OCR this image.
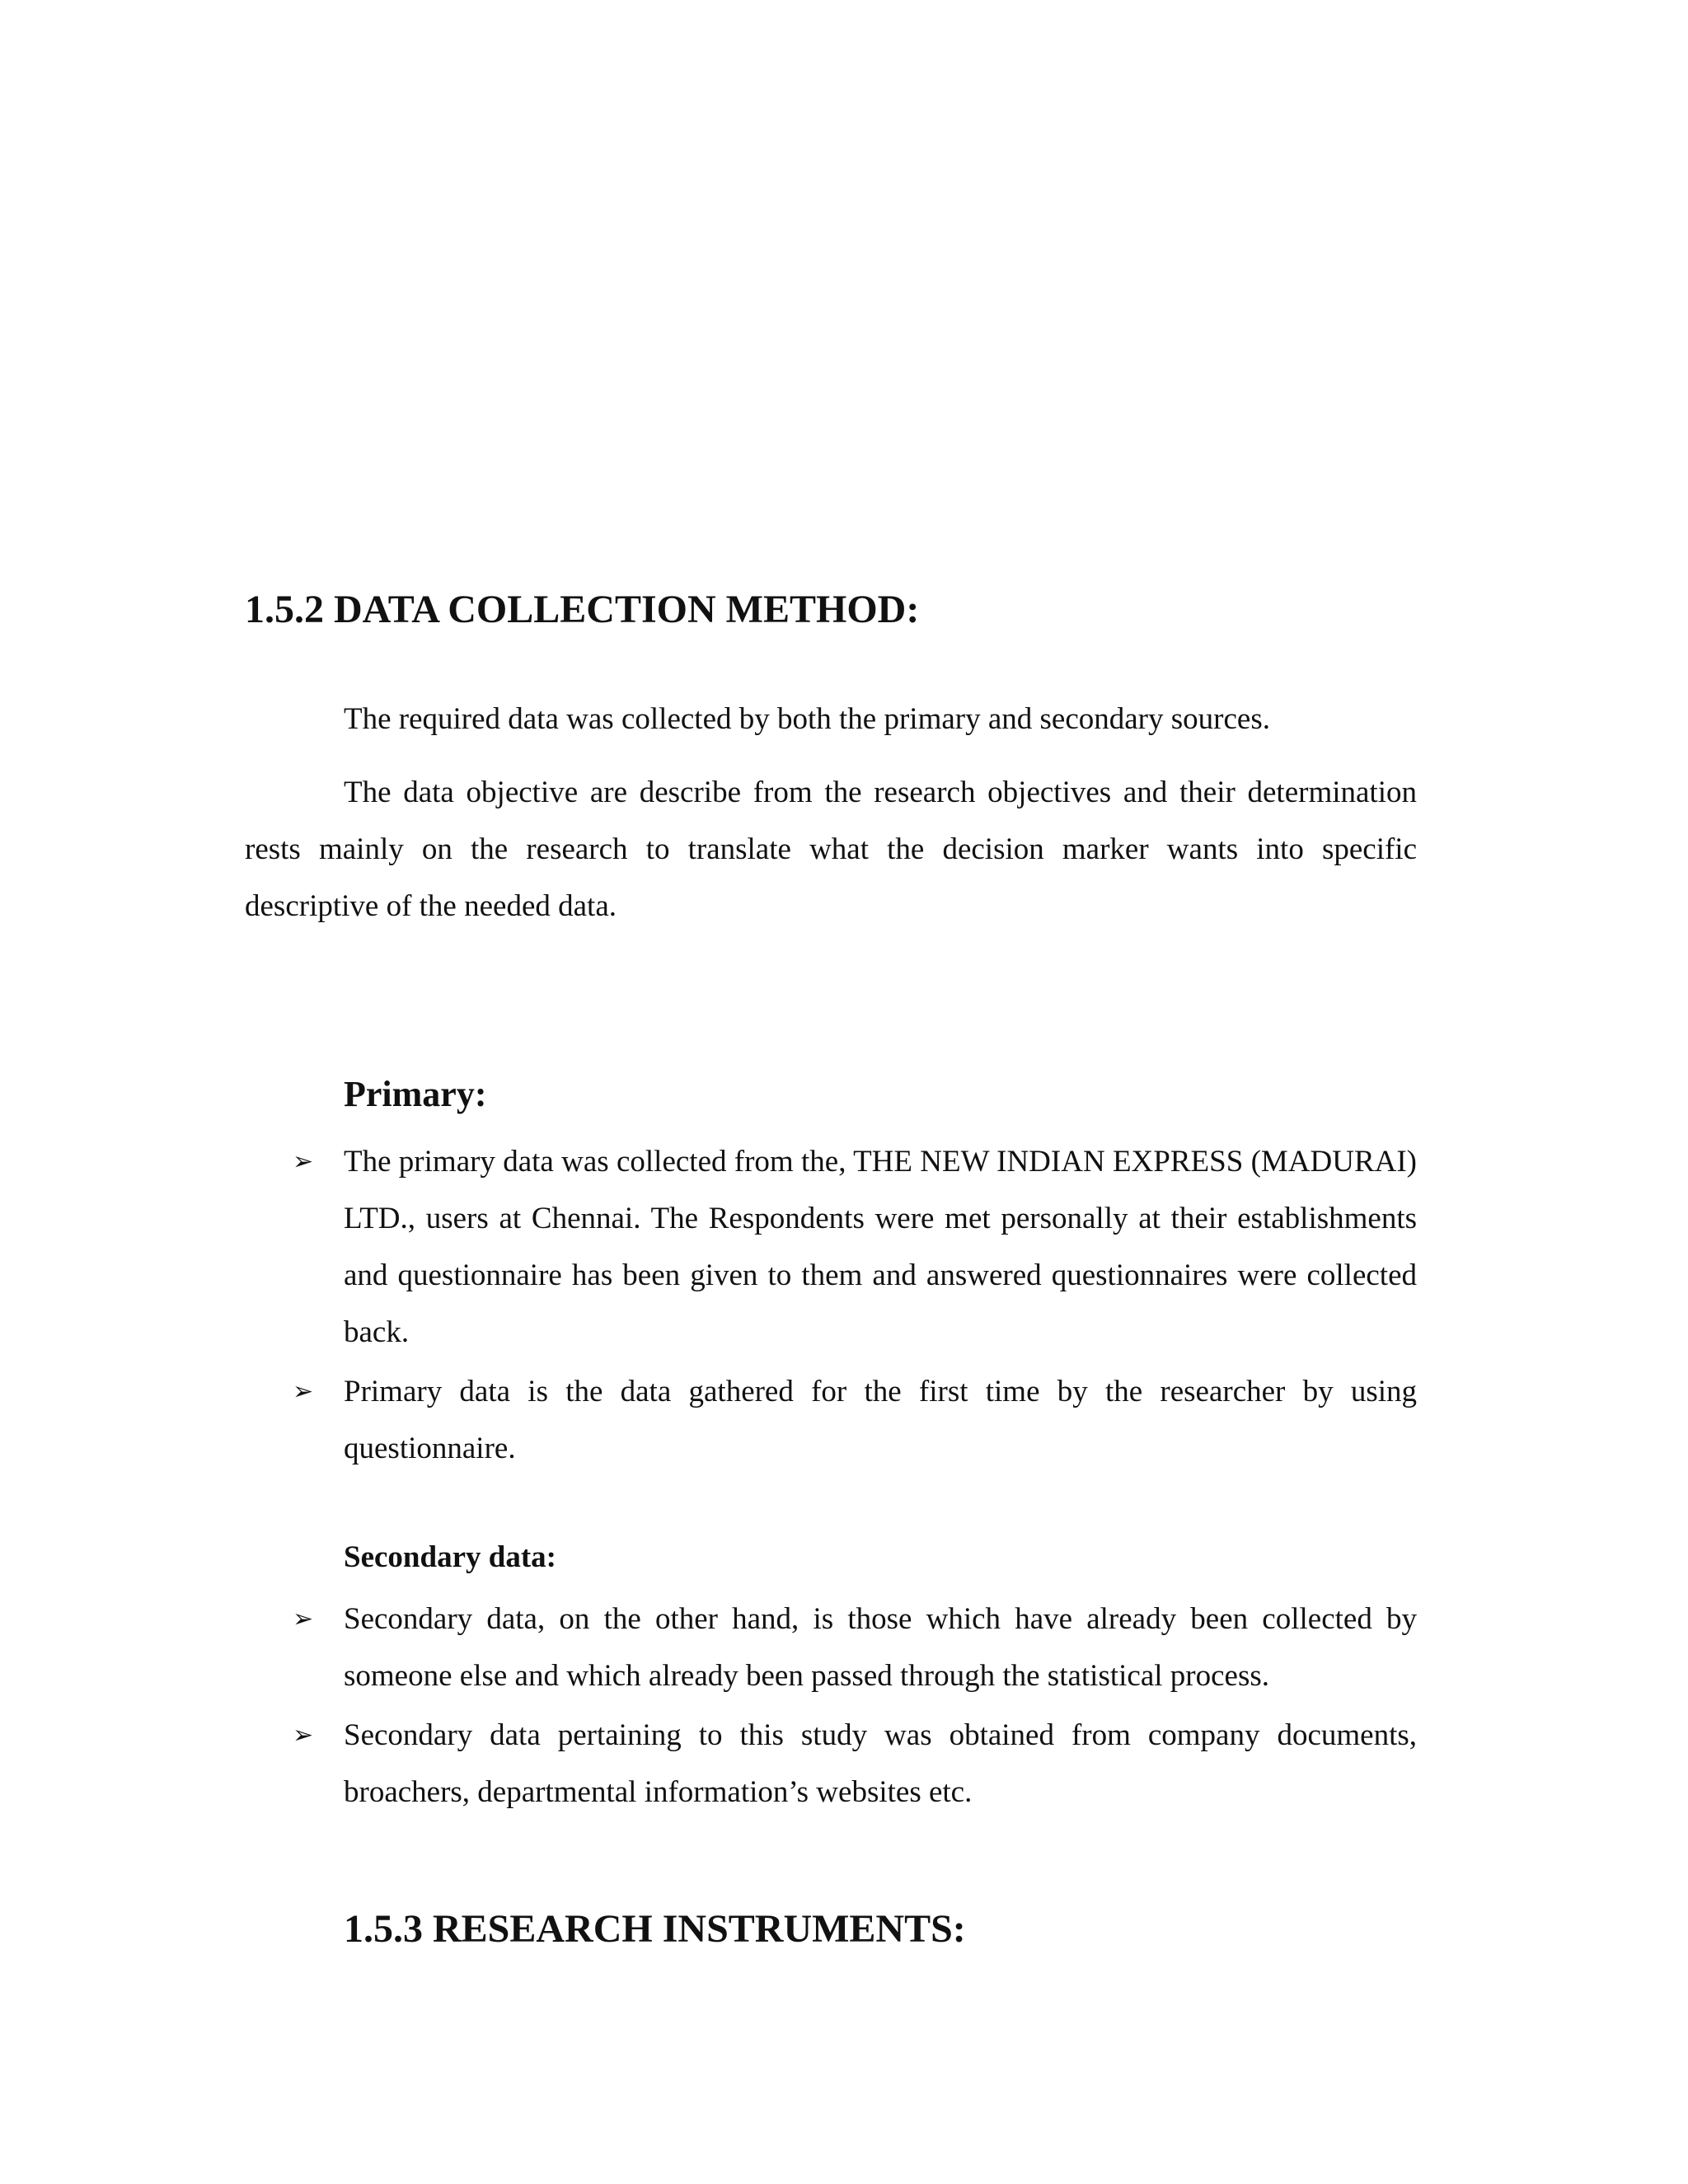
1.5.2 DATA COLLECTION METHOD:

The required data was collected by both the primary and secondary sources.

The data objective are describe from the research objectives and their determination rests mainly on the research to translate what the decision marker wants into specific descriptive of the needed data.

Primary:
➢ The primary data was collected from the, THE NEW INDIAN EXPRESS (MADURAI) LTD., users at Chennai. The Respondents were met personally at their establishments and questionnaire has been given to them and answered questionnaires were collected back.
➢ Primary data is the data gathered for the first time by the researcher by using questionnaire.
Secondary data:
➢ Secondary data, on the other hand, is those which have already been collected by someone else and which already been passed through the statistical process.
➢ Secondary data pertaining to this study was obtained from company documents, broachers, departmental information’s websites etc.
1.5.3 RESEARCH INSTRUMENTS:
